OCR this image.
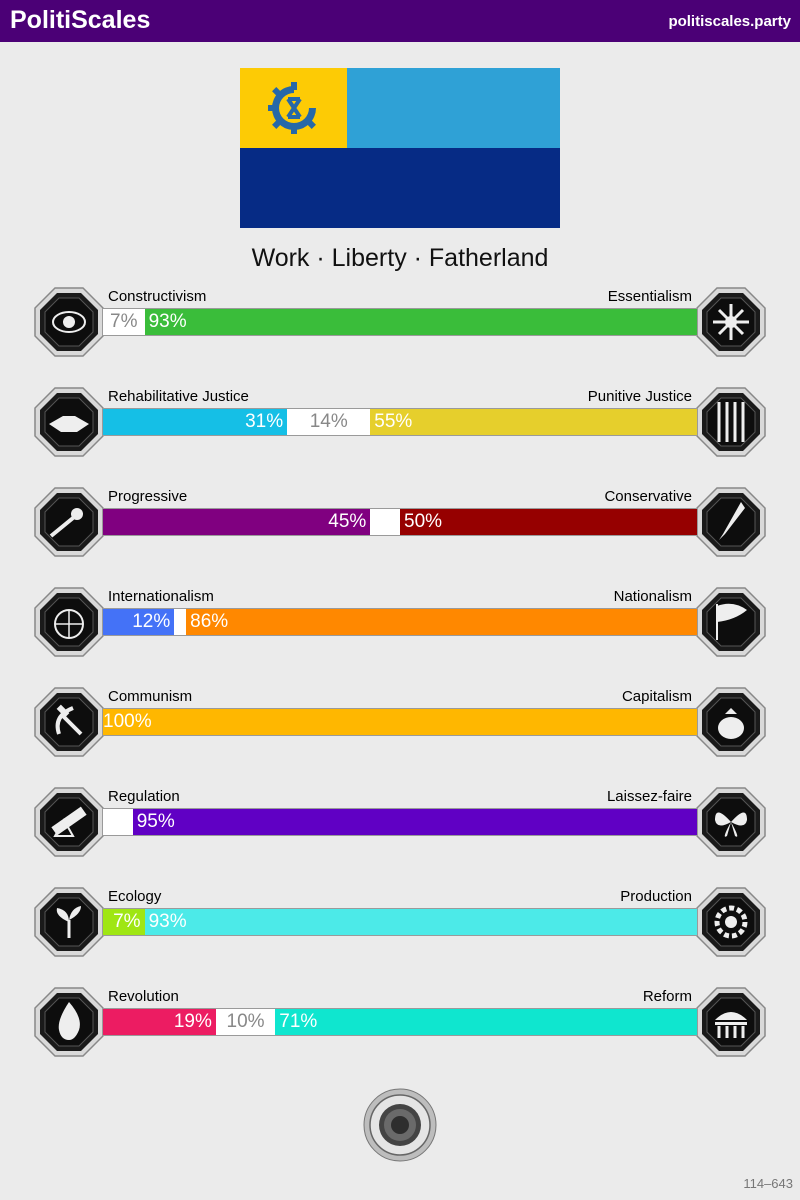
PolitiScales	politiscales.party
Work · Liberty · Fatherland
Constructivism	Essentialism
7% 93%
Rehabilitative Justice	Punitive Justice
31%	14%	55%
Progressive	Conservative
45% 50%
Internationalism	Nationalism
12% 86%
Communism	Capitalism
100%
Regulation	Laissez-faire
95%
Ecology	Production
7% 93%
Revolution	Reform
19% 10% 71%
114–643
